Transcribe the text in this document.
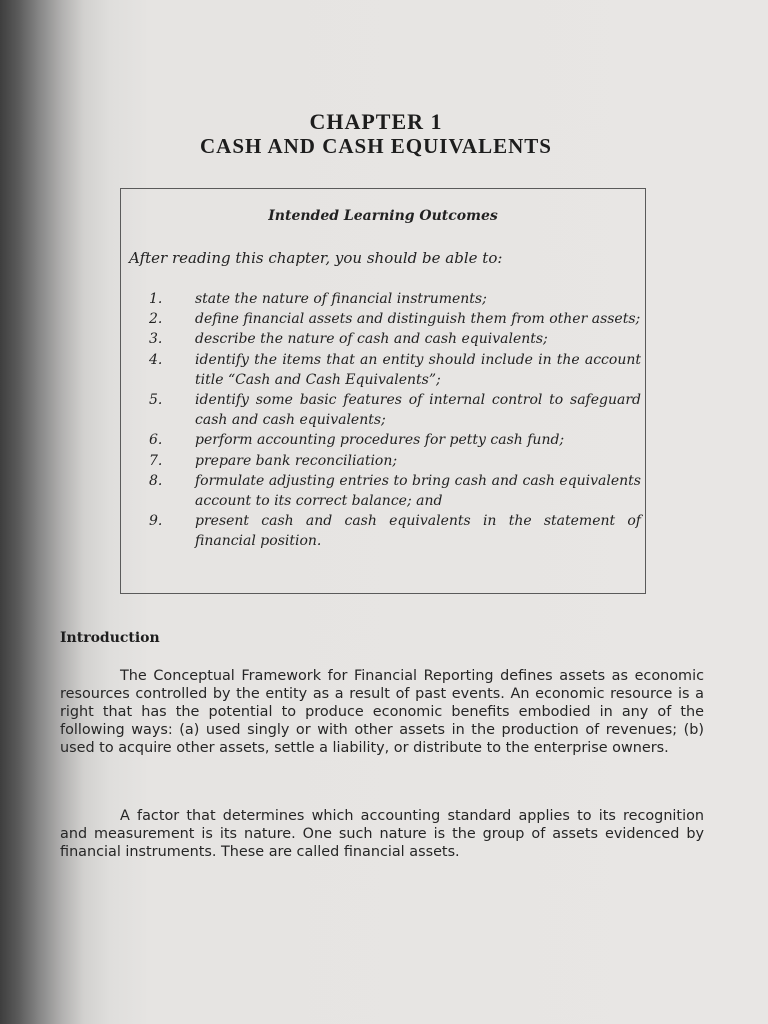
CHAPTER 1
CASH AND CASH EQUIVALENTS
Intended Learning Outcomes
After reading this chapter, you should be able to:
1.	state the nature of financial instruments;
2.	define financial assets and distinguish them from other assets;
3.	describe the nature of cash and cash equivalents;
4.	identify the items that an entity should include in the account title “Cash and Cash Equivalents”;
5.	identify some basic features of internal control to safeguard cash and cash equivalents;
6.	perform accounting procedures for petty cash fund;
7.	prepare bank reconciliation;
8.	formulate adjusting entries to bring cash and cash equivalents account to its correct balance; and
9.	present cash and cash equivalents in the statement of financial position.
Introduction

The Conceptual Framework for Financial Reporting defines assets as economic resources controlled by the entity as a result of past events. An economic resource is a right that has the potential to produce economic benefits embodied in any of the following ways: (a) used singly or with other assets in the production of revenues; (b) used to acquire other assets, settle a liability, or distribute to the enterprise owners.

A factor that determines which accounting standard applies to its recognition and measurement is its nature. One such nature is the group of assets evidenced by financial instruments. These are called financial assets.
